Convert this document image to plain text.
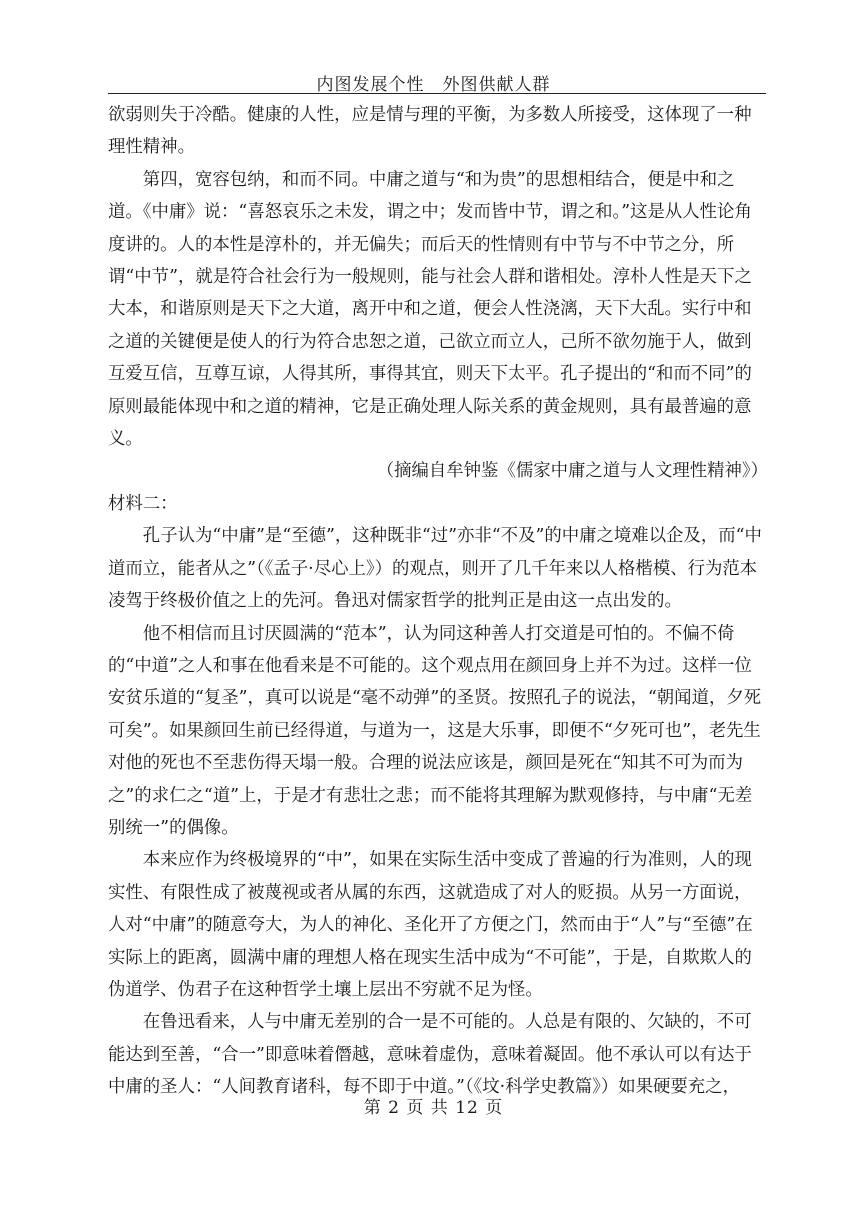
内图发展个性　外图供献人群

欲弱则失于冷酷。健康的人性，应是情与理的平衡，为多数人所接受，这体现了一种理性精神。

第四，宽容包纳，和而不同。中庸之道与“和为贵”的思想相结合，便是中和之道。《中庸》说：“喜怒哀乐之未发，谓之中；发而皆中节，谓之和。”这是从人性论角度讲的。人的本性是淳朴的，并无偏失；而后天的性情则有中节与不中节之分，所谓“中节”，就是符合社会行为一般规则，能与社会人群和谐相处。淳朴人性是天下之大本，和谐原则是天下之大道，离开中和之道，便会人性浇漓，天下大乱。实行中和之道的关键便是使人的行为符合忠恕之道，己欲立而立人，己所不欲勿施于人，做到互爱互信，互尊互谅，人得其所，事得其宜，则天下太平。孔子提出的“和而不同”的原则最能体现中和之道的精神，它是正确处理人际关系的黄金规则，具有最普遍的意义。

（摘编自牟钟鉴《儒家中庸之道与人文理性精神》）

材料二：

孔子认为“中庸”是“至德”，这种既非“过”亦非“不及”的中庸之境难以企及，而“中道而立，能者从之”（《孟子·尽心上》）的观点，则开了几千年来以人格楷模、行为范本凌驾于终极价值之上的先河。鲁迅对儒家哲学的批判正是由这一点出发的。

他不相信而且讨厌圆满的“范本”，认为同这种善人打交道是可怕的。不偏不倚的“中道”之人和事在他看来是不可能的。这个观点用在颜回身上并不为过。这样一位安贫乐道的“复圣”，真可以说是“毫不动弹”的圣贤。按照孔子的说法，“朝闻道，夕死可矣”。如果颜回生前已经得道，与道为一，这是大乐事，即便不“夕死可也”，老先生对他的死也不至悲伤得天塌一般。合理的说法应该是，颜回是死在“知其不可为而为之”的求仁之“道”上，于是才有悲壮之悲；而不能将其理解为默观修持，与中庸“无差别统一”的偶像。

本来应作为终极境界的“中”，如果在实际生活中变成了普遍的行为准则，人的现实性、有限性成了被蔑视或者从属的东西，这就造成了对人的贬损。从另一方面说，人对“中庸”的随意夸大，为人的神化、圣化开了方便之门，然而由于“人”与“至德”在实际上的距离，圆满中庸的理想人格在现实生活中成为“不可能”，于是，自欺欺人的伪道学、伪君子在这种哲学土壤上层出不穷就不足为怪。

在鲁迅看来，人与中庸无差别的合一是不可能的。人总是有限的、欠缺的，不可能达到至善，“合一”即意味着僭越，意味着虚伪，意味着凝固。他不承认可以有达于中庸的圣人：“人间教育诸科，每不即于中道。”（《坟·科学史教篇》）如果硬要充之，

第 2 页 共 12 页
